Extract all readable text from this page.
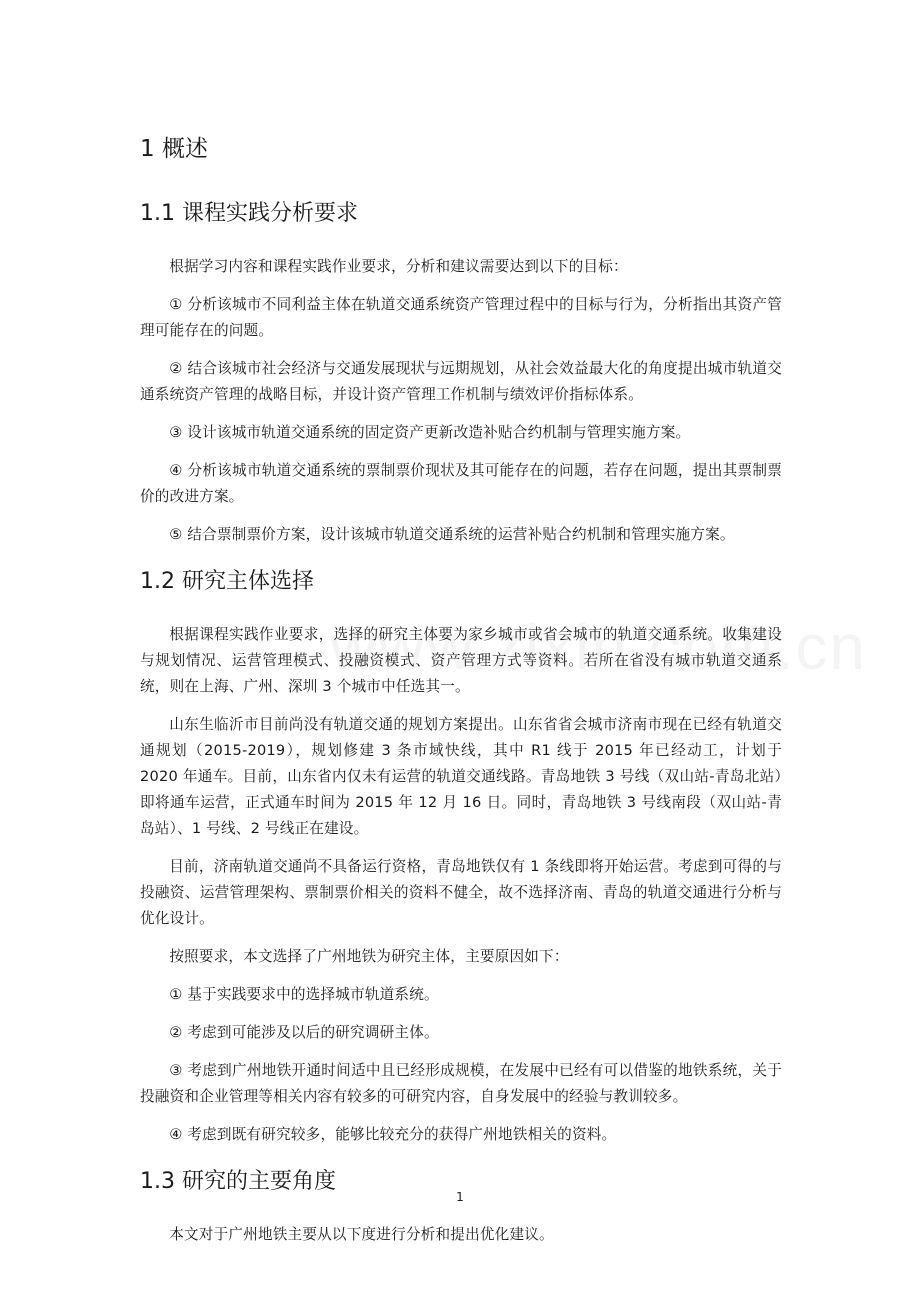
1 概述
1.1 课程实践分析要求

根据学习内容和课程实践作业要求，分析和建议需要达到以下的目标：

① 分析该城市不同利益主体在轨道交通系统资产管理过程中的目标与行为，分析指出其资产管理可能存在的问题。

② 结合该城市社会经济与交通发展现状与远期规划，从社会效益最大化的角度提出城市轨道交通系统资产管理的战略目标，并设计资产管理工作机制与绩效评价指标体系。

③ 设计该城市轨道交通系统的固定资产更新改造补贴合约机制与管理实施方案。

④ 分析该城市轨道交通系统的票制票价现状及其可能存在的问题，若存在问题，提出其票制票价的改进方案。

⑤ 结合票制票价方案，设计该城市轨道交通系统的运营补贴合约机制和管理实施方案。

1.2 研究主体选择

根据课程实践作业要求，选择的研究主体要为家乡城市或省会城市的轨道交通系统。收集建设与规划情况、运营管理模式、投融资模式、资产管理方式等资料。若所在省没有城市轨道交通系统，则在上海、广州、深圳 3 个城市中任选其一。

山东生临沂市目前尚没有轨道交通的规划方案提出。山东省省会城市济南市现在已经有轨道交通规划（2015-2019），规划修建 3 条市域快线，其中 R1 线于 2015 年已经动工，计划于 2020 年通车。目前，山东省内仅未有运营的轨道交通线路。青岛地铁 3 号线（双山站-青岛北站）即将通车运营，正式通车时间为 2015 年 12 月 16 日。同时，青岛地铁 3 号线南段（双山站-青岛站）、1 号线、2 号线正在建设。

目前，济南轨道交通尚不具备运行资格，青岛地铁仅有 1 条线即将开始运营。考虑到可得的与投融资、运营管理架构、票制票价相关的资料不健全，故不选择济南、青岛的轨道交通进行分析与优化设计。

按照要求，本文选择了广州地铁为研究主体，主要原因如下：

① 基于实践要求中的选择城市轨道系统。

② 考虑到可能涉及以后的研究调研主体。

③ 考虑到广州地铁开通时间适中且已经形成规模，在发展中已经有可以借鉴的地铁系统，关于投融资和企业管理等相关内容有较多的可研究内容，自身发展中的经验与教训较多。

④ 考虑到既有研究较多，能够比较充分的获得广州地铁相关的资料。

1.3 研究的主要角度

本文对于广州地铁主要从以下度进行分析和提出优化建议。

1
